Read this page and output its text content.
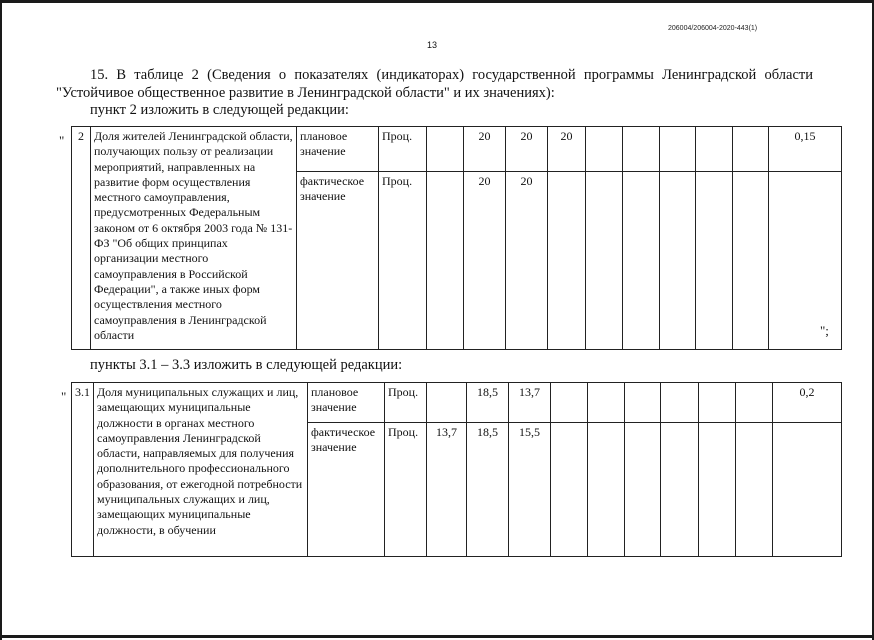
206004/206004-2020-443(1)
13
15. В таблице 2 (Сведения о показателях (индикаторах) государственной программы Ленинградской области "Устойчивое общественное развитие в Ленинградской области" и их значениях):
пункт 2 изложить в следующей редакции:
" 2	Доля жителей Ленинградской области, получающих пользу от реализации мероприятий, направленных на развитие форм осуществления местного самоуправления, предусмотренных Федеральным законом от 6 октября 2003 года № 131-ФЗ "Об общих принципах организации местного самоуправления в Российской Федерации", а также иных форм осуществления местного самоуправления в Ленинградской области	плановое значение	Проц.		20	20	20						0,15
		фактическое значение	Проц.		20	20							
";
пункты 3.1 – 3.3 изложить в следующей редакции:
" 3.1	Доля муниципальных служащих и лиц, замещающих муниципальные должности в органах местного самоуправления Ленинградской области, направляемых для получения дополнительного профессионального образования, от ежегодной потребности муниципальных служащих и лиц, замещающих муниципальные должности, в обучении	плановое значение	Проц.		18,5	13,7							0,2
		фактическое значение	Проц.	13,7	18,5	15,5							
